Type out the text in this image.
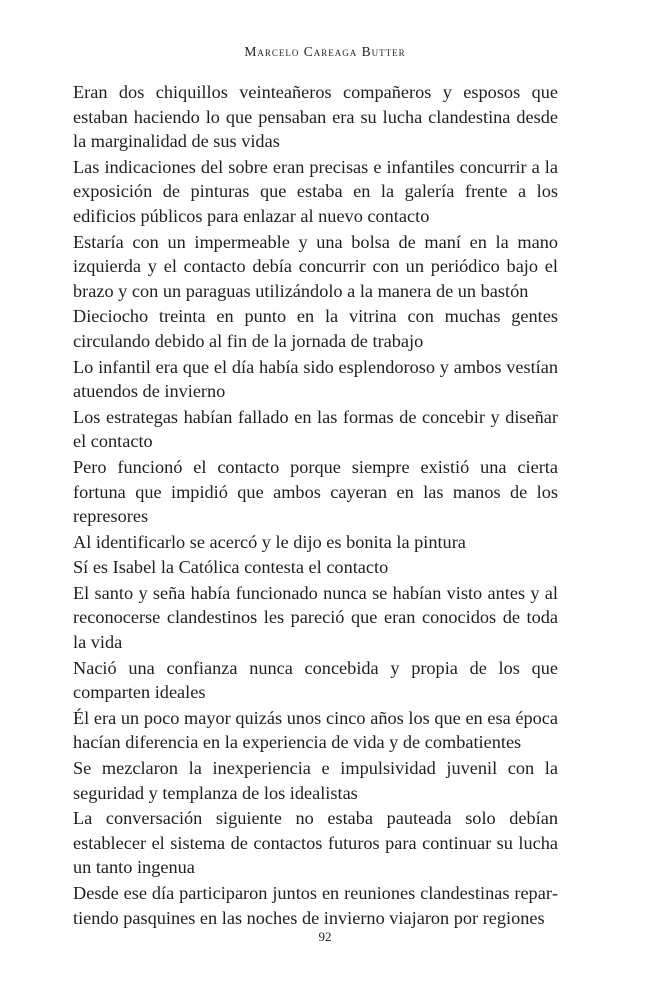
Marcelo Careaga Butter

Eran dos chiquillos veinteañeros compañeros y esposos que estaban haciendo lo que pensaban era su lucha clandestina desde la marginalidad de sus vidas

Las indicaciones del sobre eran precisas e infantiles concurrir a la exposición de pinturas que estaba en la galería frente a los edificios públicos para enlazar al nuevo contacto

Estaría con un impermeable y una bolsa de maní en la mano izquierda y el contacto debía concurrir con un periódico bajo el brazo y con un paraguas utilizándolo a la manera de un bastón

Dieciocho treinta en punto en la vitrina con muchas gentes circulando debido al fin de la jornada de trabajo

Lo infantil era que el día había sido esplendoroso y ambos vestían atuendos de invierno

Los estrategas habían fallado en las formas de concebir y diseñar el contacto

Pero funcionó el contacto porque siempre existió una cierta fortuna que impidió que ambos cayeran en las manos de los represores

Al identificarlo se acercó y le dijo es bonita la pintura

Sí es Isabel la Católica contesta el contacto

El santo y seña había funcionado nunca se habían visto antes y al reconocerse clandestinos les pareció que eran conocidos de toda la vida

Nació una confianza nunca concebida y propia de los que comparten ideales

Él era un poco mayor quizás unos cinco años los que en esa época hacían diferencia en la experiencia de vida y de combatientes

Se mezclaron la inexperiencia e impulsividad juvenil con la seguridad y templanza de los idealistas

La conversación siguiente no estaba pauteada solo debían establecer el sistema de contactos futuros para continuar su lucha un tanto ingenua

Desde ese día participaron juntos en reuniones clandestinas repartiendo pasquines en las noches de invierno viajaron por regiones

92
